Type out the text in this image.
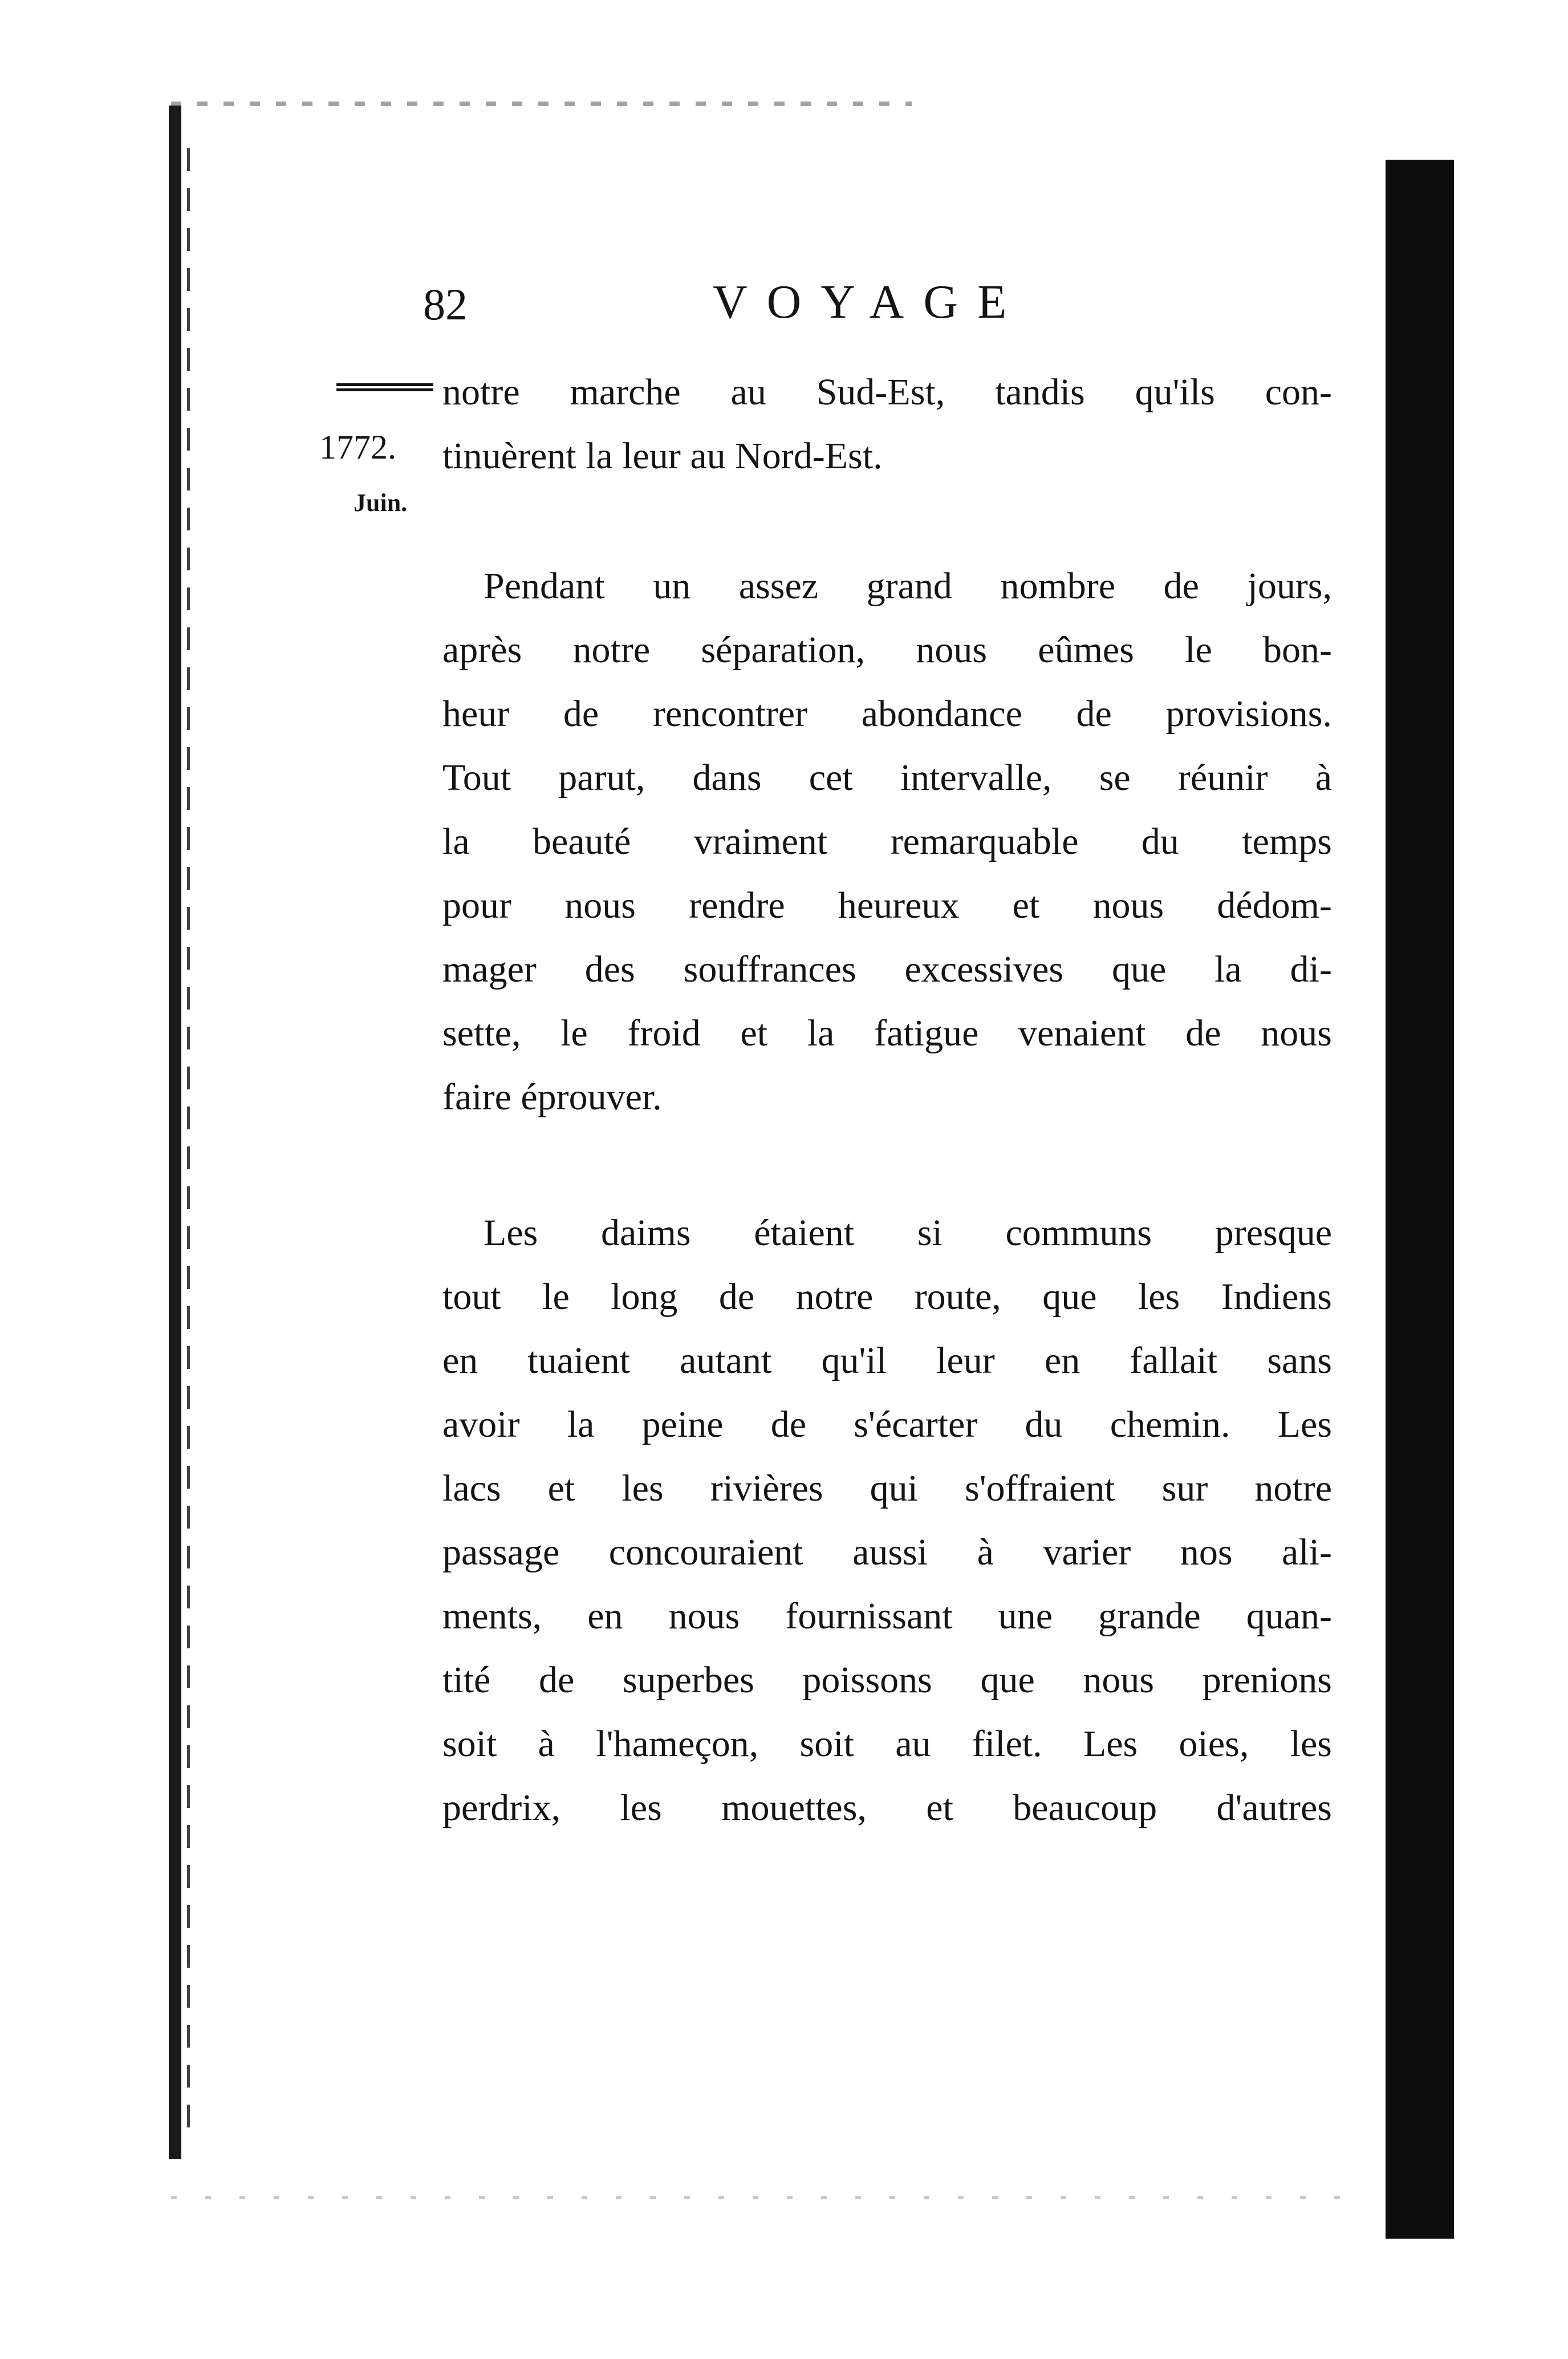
82	VOYAGE
1772.
Juin.
notre marche au Sud-Est, tandis qu'ils con-
tinuèrent la leur au Nord-Est.
Pendant un assez grand nombre de jours,
après notre séparation, nous eûmes le bon-
heur de rencontrer abondance de provisions.
Tout parut, dans cet intervalle, se réunir à
la beauté vraiment remarquable du temps
pour nous rendre heureux et nous dédom-
mager des souffrances excessives que la di-
sette, le froid et la fatigue venaient de nous
faire éprouver.
Les daims étaient si communs presque
tout le long de notre route, que les Indiens
en tuaient autant qu'il leur en fallait sans
avoir la peine de s'écarter du chemin. Les
lacs et les rivières qui s'offraient sur notre
passage concouraient aussi à varier nos ali-
ments, en nous fournissant une grande quan-
tité de superbes poissons que nous prenions
soit à l'hameçon, soit au filet. Les oies, les
perdrix, les mouettes, et beaucoup d'autres
